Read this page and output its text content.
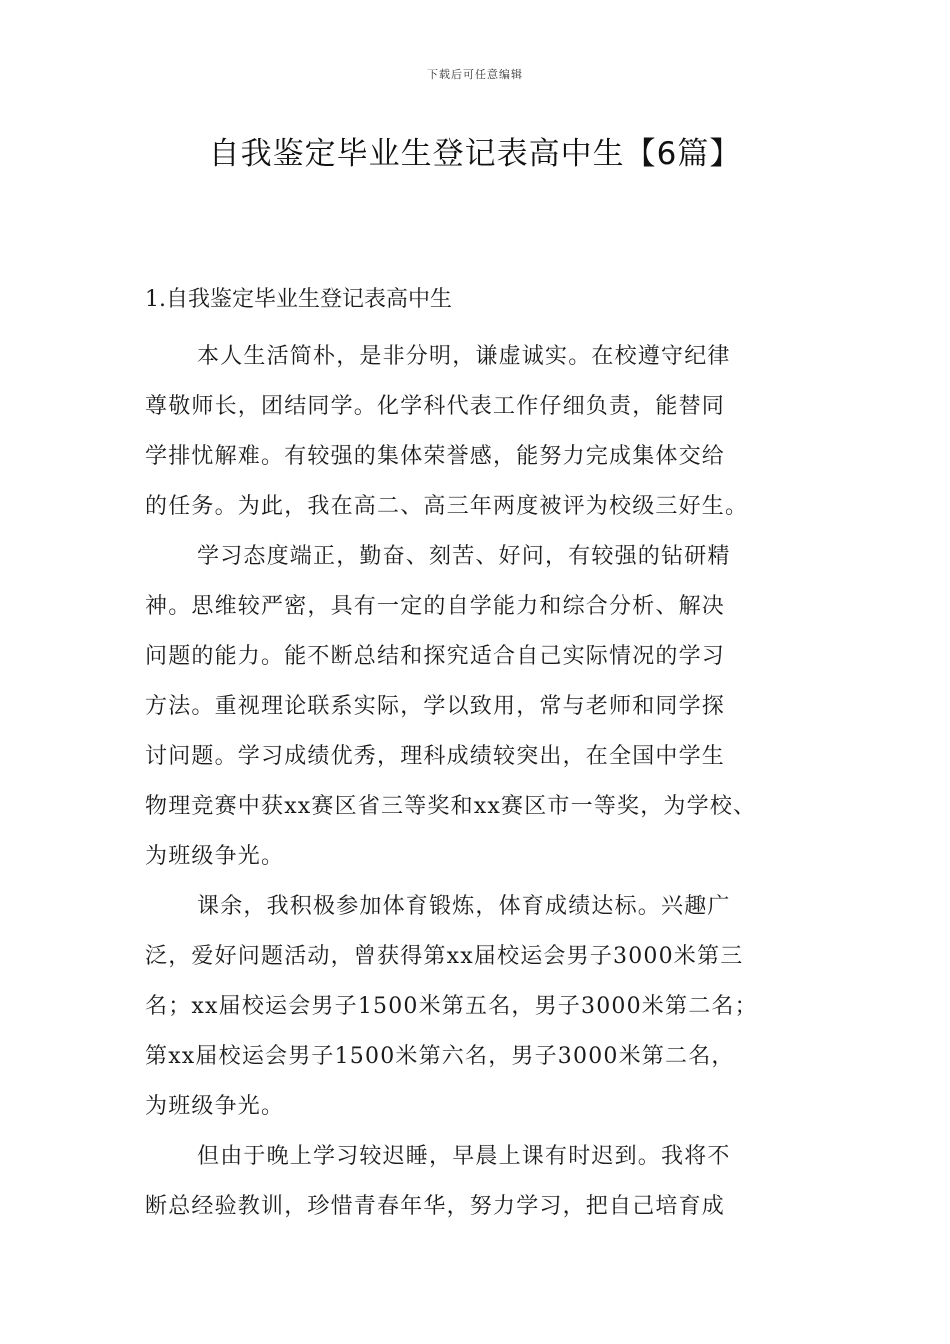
下载后可任意编辑
自我鉴定毕业生登记表高中生【6篇】
1.自我鉴定毕业生登记表高中生
本人生活简朴，是非分明，谦虚诚实。在校遵守纪律
尊敬师长，团结同学。化学科代表工作仔细负责，能替同
学排忧解难。有较强的集体荣誉感，能努力完成集体交给
的任务。为此，我在高二、高三年两度被评为校级三好生。
学习态度端正，勤奋、刻苦、好问，有较强的钻研精
神。思维较严密，具有一定的自学能力和综合分析、解决
问题的能力。能不断总结和探究适合自己实际情况的学习
方法。重视理论联系实际，学以致用，常与老师和同学探
讨问题。学习成绩优秀，理科成绩较突出，在全国中学生
物理竞赛中获xx赛区省三等奖和xx赛区市一等奖，为学校、
为班级争光。
课余，我积极参加体育锻炼，体育成绩达标。兴趣广
泛，爱好问题活动，曾获得第xx届校运会男子3000米第三
名；xx届校运会男子1500米第五名，男子3000米第二名；
第xx届校运会男子1500米第六名，男子3000米第二名，
为班级争光。
但由于晚上学习较迟睡，早晨上课有时迟到。我将不
断总经验教训，珍惜青春年华，努力学习，把自己培育成
